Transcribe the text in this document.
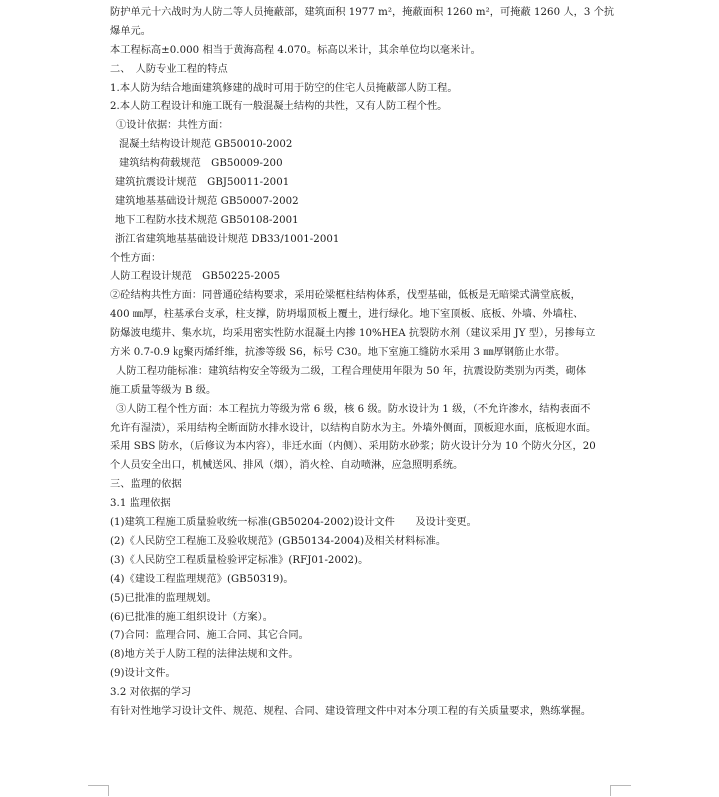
防护单元十六战时为人防二等人员掩蔽部，建筑面积 1977 m²，掩蔽面积 1260 m²，可掩蔽 1260 人，3 个抗
爆单元。
本工程标高±0.000 相当于黄海高程 4.070。标高以米计，其余单位均以毫米计。
二、　人防专业工程的特点
1.本人防为结合地面建筑修建的战时可用于防空的住宅人员掩蔽部人防工程。
2.本人防工程设计和施工既有一般混凝土结构的共性，又有人防工程个性。
①设计依据：共性方面：
混凝土结构设计规范 GB50010-2002
建筑结构荷载规范　GB50009-200
建筑抗震设计规范　GBJ50011-2001
建筑地基基础设计规范 GB50007-2002
地下工程防水技术规范 GB50108-2001
浙江省建筑地基基础设计规范 DB33/1001-2001
个性方面：
人防工程设计规范　GB50225-2005
②砼结构共性方面：同普通砼结构要求，采用砼梁框柱结构体系，伐型基础，低板是无暗梁式满堂底板，
400 ㎜厚，柱基承台支承，柱支撑，防坍塌顶板上覆土，进行绿化。地下室顶板、底板、外墙、外墙柱、
防爆波电缆井、集水坑，均采用密实性防水混凝土内掺 10%HEA 抗裂防水剂（建议采用 JY 型），另掺每立
方米 0.7-0.9 ㎏聚丙烯纤维，抗渗等级 S6，标号 C30。地下室施工缝防水采用 3 ㎜厚钢筋止水带。
人防工程功能标准：建筑结构安全等级为二级，工程合理使用年限为 50 年，抗震设防类别为丙类，砌体
施工质量等级为 B 级。
③人防工程个性方面：本工程抗力等级为常 6 级，核 6 级。防水设计为 1 级，（不允许渗水，结构表面不
允许有湿渍），采用结构全断面防水排水设计，以结构自防水为主。外墙外侧面，顶板迎水面，底板迎水面。
采用 SBS 防水，（后修议为本内容），非迁水面（内侧）、采用防水砂浆；防火设计分为 10 个防火分区，20
个人员安全出口，机械送风、排风（烟），消火栓、自动喷淋，应急照明系统。
三、监理的依据
3.1 监理依据
(1)建筑工程施工质量验收统一标准(GB50204-2002)设计文件　　及设计变更。
(2)《人民防空工程施工及验收规范》(GB50134-2004)及相关材料标准。
(3)《人民防空工程质量检验评定标准》(RFJ01-2002)。
(4)《建设工程监理规范》(GB50319)。
(5)已批准的监理规划。
(6)已批准的施工组织设计（方案）。
(7)合同：监理合同、施工合同、其它合同。
(8)地方关于人防工程的法律法规和文件。
(9)设计文件。
3.2 对依据的学习
有针对性地学习设计文件、规范、规程、合同、建设管理文件中对本分项工程的有关质量要求，熟练掌握。
